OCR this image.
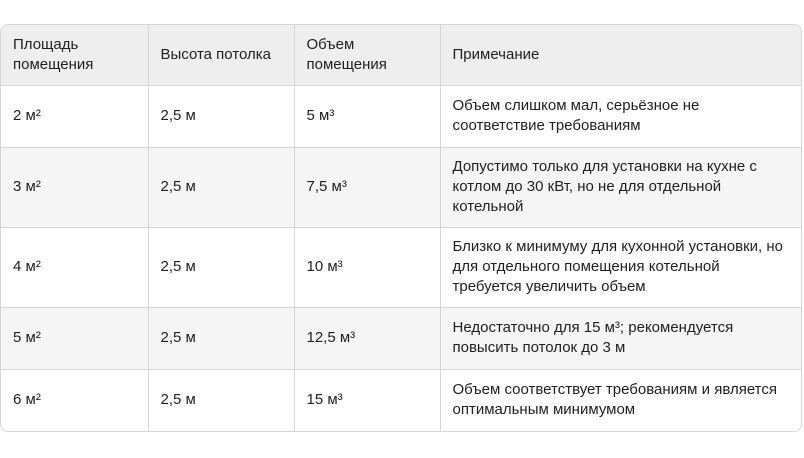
Площадь помещения	Высота потолка	Объем помещения	Примечание
2 м²	2,5 м	5 м³	Объем слишком мал, серьёзное не соответствие требованиям
3 м²	2,5 м	7,5 м³	Допустимо только для установки на кухне с котлом до 30 кВт, но не для отдельной котельной
4 м²	2,5 м	10 м³	Близко к минимуму для кухонной установки, но для отдельного помещения котельной требуется увеличить объем
5 м²	2,5 м	12,5 м³	Недостаточно для 15 м³; рекомендуется повысить потолок до 3 м
6 м²	2,5 м	15 м³	Объем соответствует требованиям и является оптимальным минимумом
